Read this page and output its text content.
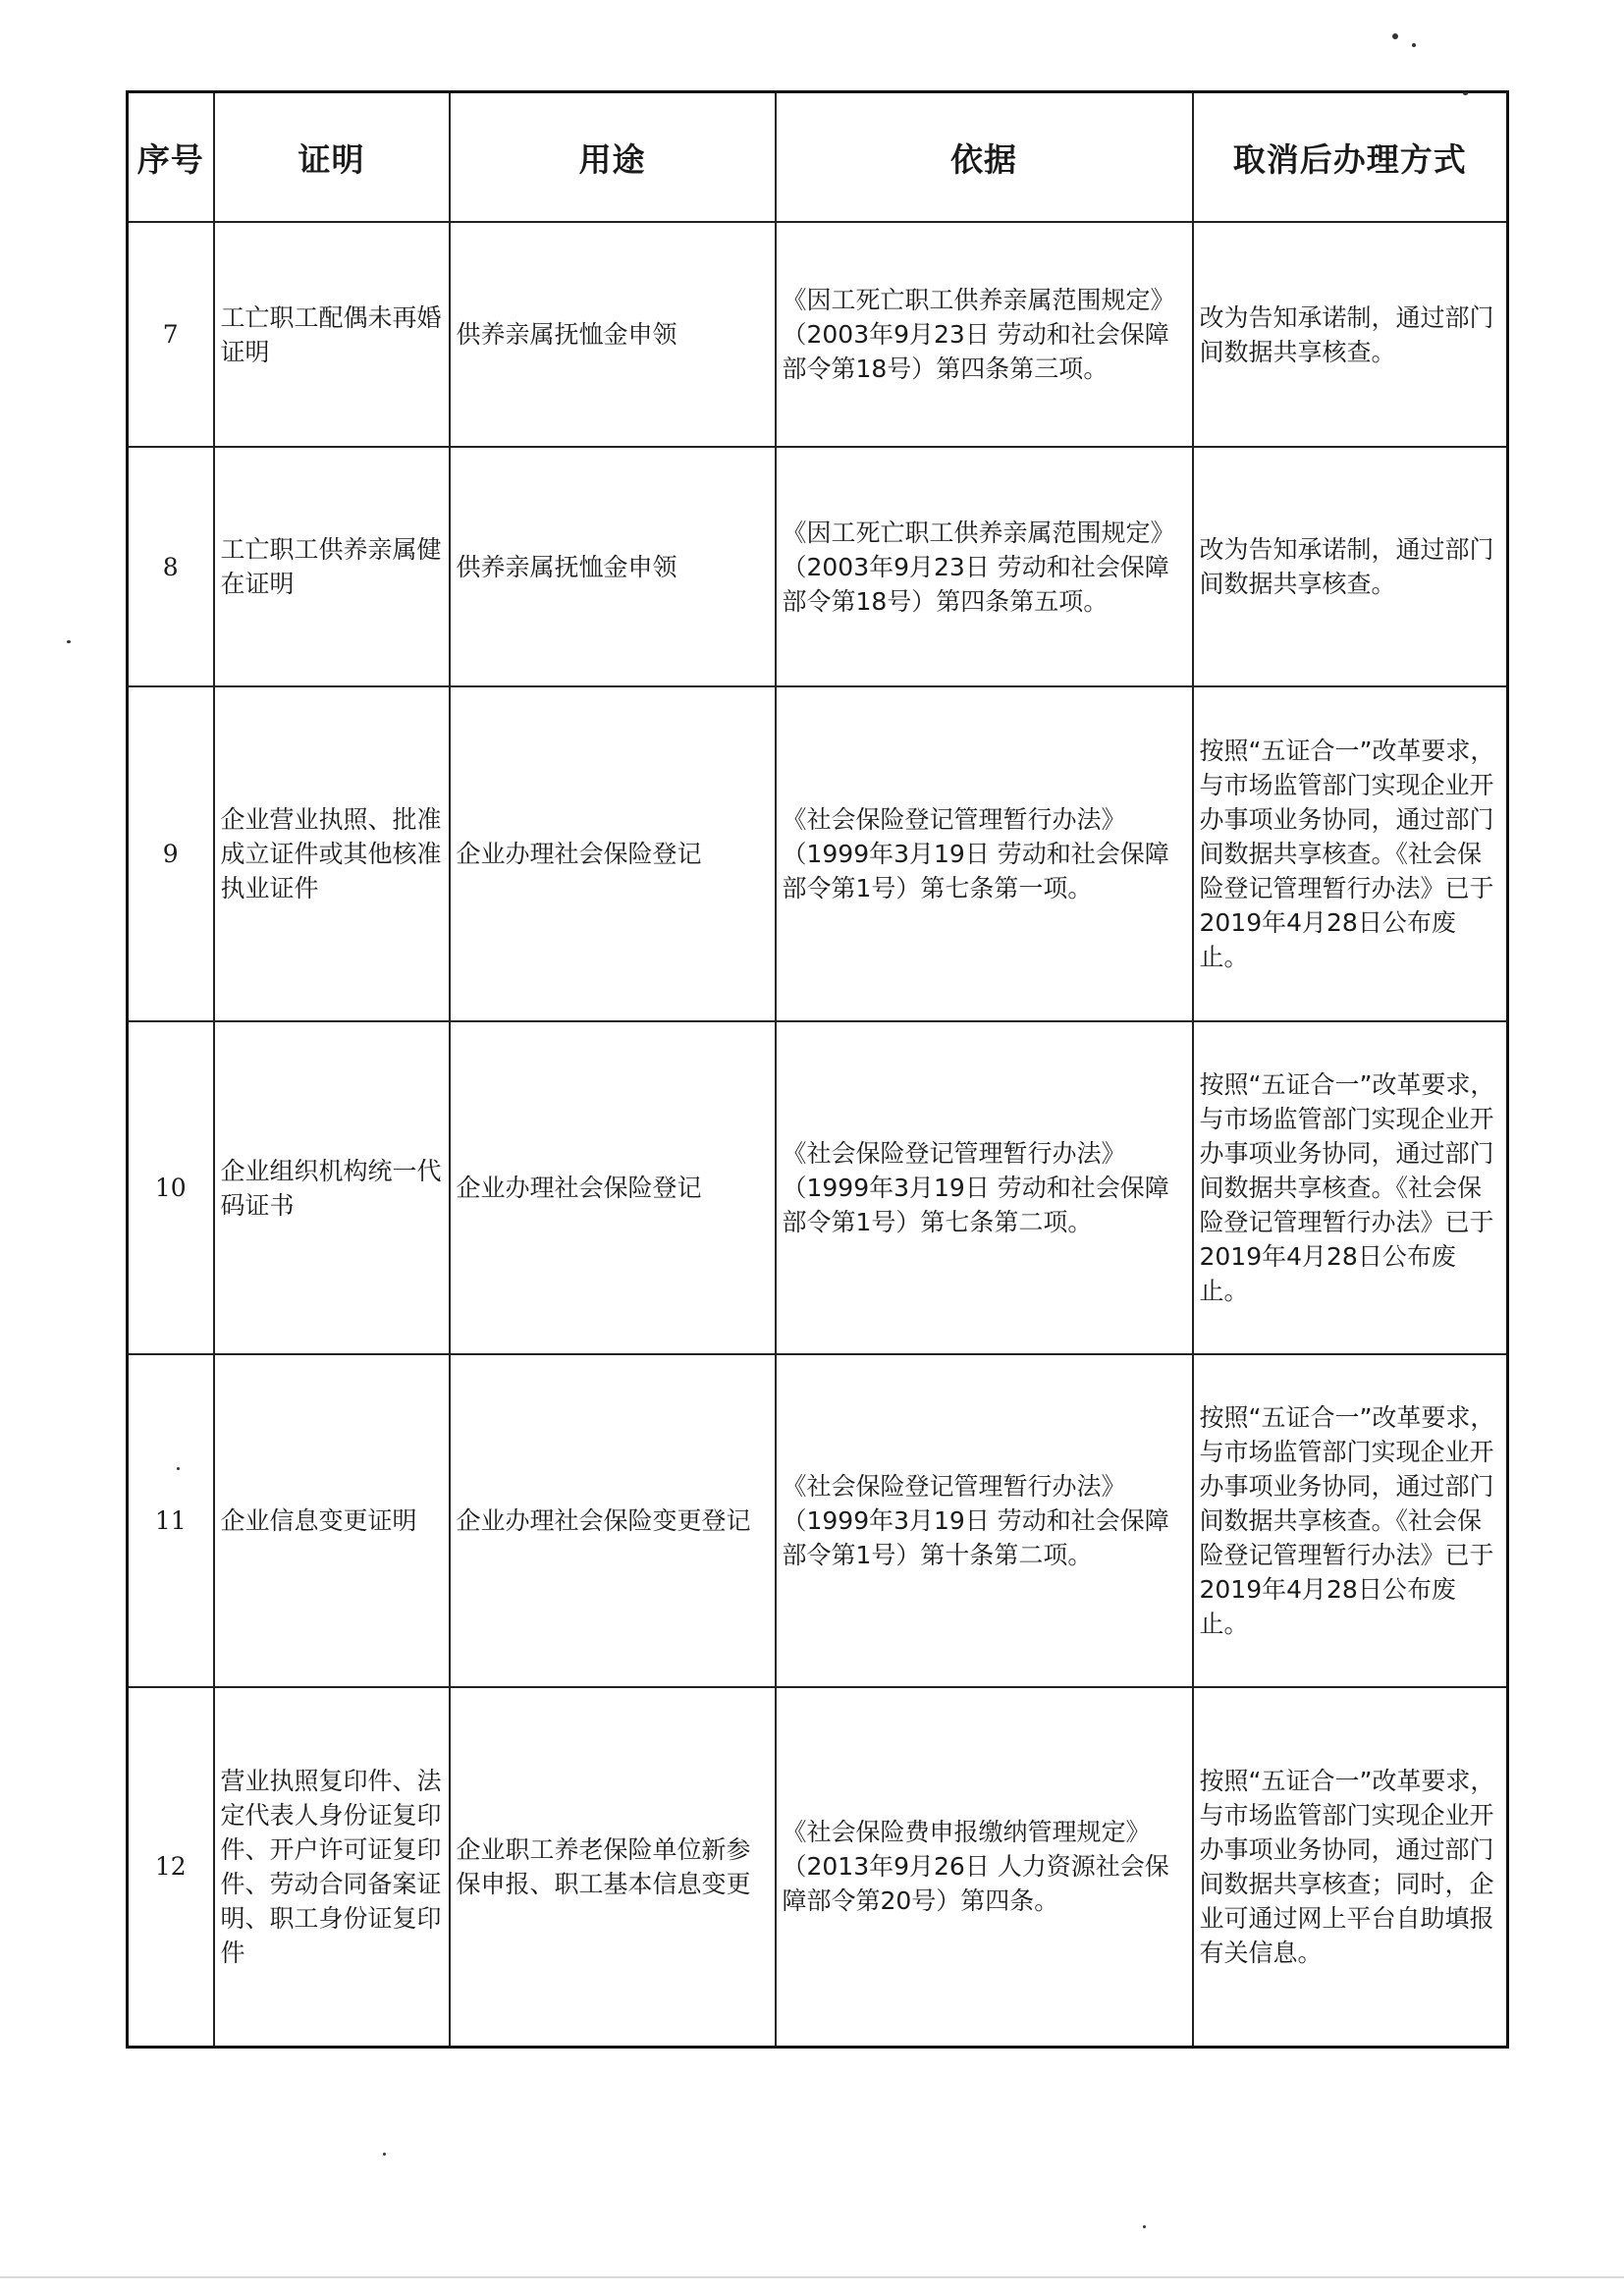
序号	证明	用途	依据	取消后办理方式
7	工亡职工配偶未再婚证明	供养亲属抚恤金申领	《因工死亡职工供养亲属范围规定》（2003年9月23日 劳动和社会保障部令第18号）第四条第三项。	改为告知承诺制，通过部门间数据共享核查。
8	工亡职工供养亲属健在证明	供养亲属抚恤金申领	《因工死亡职工供养亲属范围规定》（2003年9月23日 劳动和社会保障部令第18号）第四条第五项。	改为告知承诺制，通过部门间数据共享核查。
9	企业营业执照、批准成立证件或其他核准执业证件	企业办理社会保险登记	《社会保险登记管理暂行办法》（1999年3月19日 劳动和社会保障部令第1号）第七条第一项。	按照“五证合一”改革要求，与市场监管部门实现企业开办事项业务协同，通过部门间数据共享核查。《社会保险登记管理暂行办法》已于2019年4月28日公布废止。
10	企业组织机构统一代码证书	企业办理社会保险登记	《社会保险登记管理暂行办法》（1999年3月19日 劳动和社会保障部令第1号）第七条第二项。	按照“五证合一”改革要求，与市场监管部门实现企业开办事项业务协同，通过部门间数据共享核查。《社会保险登记管理暂行办法》已于2019年4月28日公布废止。
11	企业信息变更证明	企业办理社会保险变更登记	《社会保险登记管理暂行办法》（1999年3月19日 劳动和社会保障部令第1号）第十条第二项。	按照“五证合一”改革要求，与市场监管部门实现企业开办事项业务协同，通过部门间数据共享核查。《社会保险登记管理暂行办法》已于2019年4月28日公布废止。
12	营业执照复印件、法定代表人身份证复印件、开户许可证复印件、劳动合同备案证明、职工身份证复印件	企业职工养老保险单位新参保申报、职工基本信息变更	《社会保险费申报缴纳管理规定》（2013年9月26日 人力资源社会保障部令第20号）第四条。	按照“五证合一”改革要求，与市场监管部门实现企业开办事项业务协同，通过部门间数据共享核查；同时，企业可通过网上平台自助填报有关信息。
